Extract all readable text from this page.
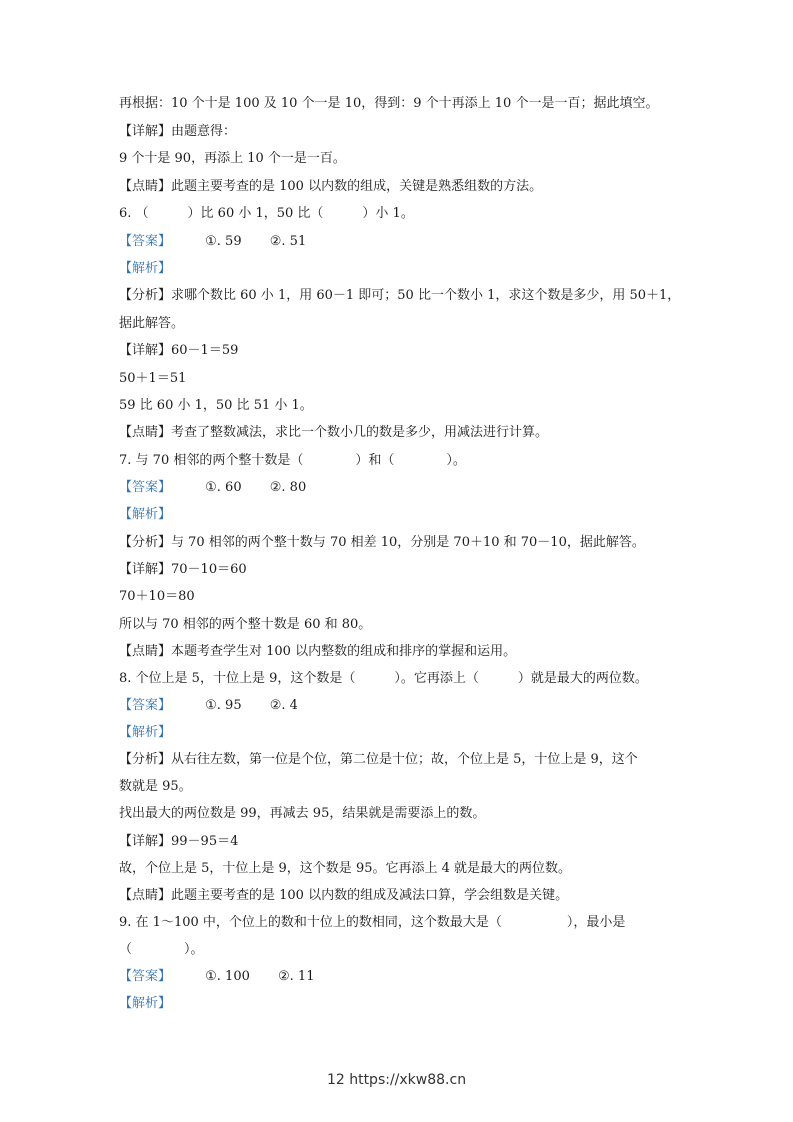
再根据：10 个十是 100 及 10 个一是 10，得到：9 个十再添上 10 个一是一百；据此填空。
【详解】由题意得：
9 个十是 90，再添上 10 个一是一百。
【点睛】此题主要考查的是 100 以内数的组成，关键是熟悉组数的方法。
6. （　　　）比 60 小 1，50 比（　　　）小 1。
【答案】	①. 59 ②. 51
【解析】
【分析】求哪个数比 60 小 1，用 60－1 即可；50 比一个数小 1，求这个数是多少，用 50＋1，
据此解答。
【详解】60－1＝59
50＋1＝51
59 比 60 小 1，50 比 51 小 1。
【点睛】考查了整数减法，求比一个数小几的数是多少，用减法进行计算。
7. 与 70 相邻的两个整十数是（　　　　）和（　　　　）。
【答案】	①. 60 ②. 80
【解析】
【分析】与 70 相邻的两个整十数与 70 相差 10，分别是 70＋10 和 70－10，据此解答。
【详解】70－10＝60
70＋10＝80
所以与 70 相邻的两个整十数是 60 和 80。
【点睛】本题考查学生对 100 以内整数的组成和排序的掌握和运用。
8. 个位上是 5，十位上是 9，这个数是（　　　）。它再添上（　　　）就是最大的两位数。
【答案】	①. 95 ②. 4
【解析】
【分析】从右往左数，第一位是个位，第二位是十位；故，个位上是 5，十位上是 9，这个
数就是 95。
找出最大的两位数是 99，再减去 95，结果就是需要添上的数。
【详解】99－95＝4
故，个位上是 5，十位上是 9，这个数是 95。它再添上 4 就是最大的两位数。
【点睛】此题主要考查的是 100 以内数的组成及减法口算，学会组数是关键。
9. 在 1～100 中，个位上的数和十位上的数相同，这个数最大是（　　　　　），最小是
（　　　　）。
【答案】	①. 100 ②. 11
【解析】
12 https://xkw88.cn
